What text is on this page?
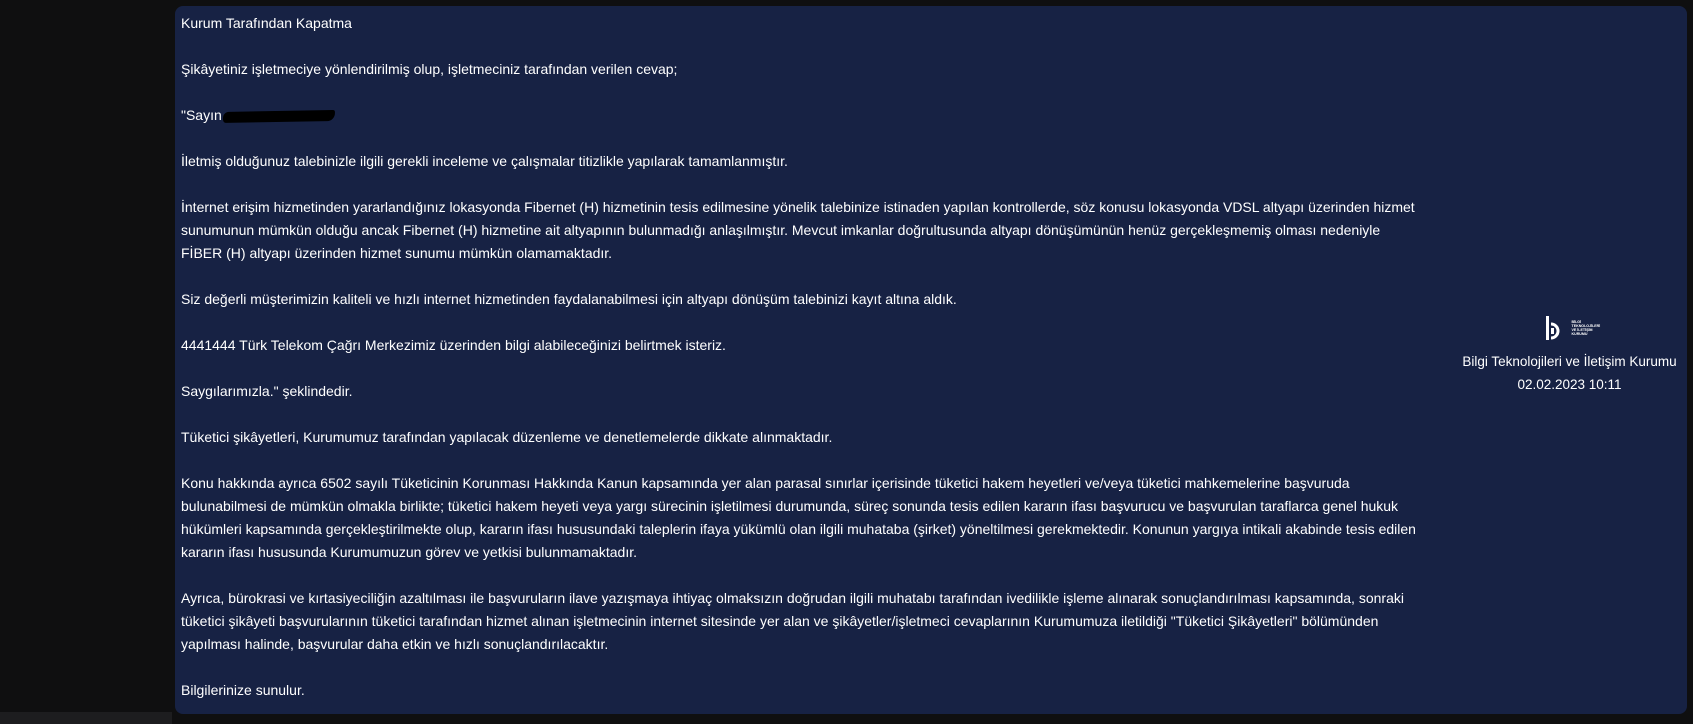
Kurum Tarafından Kapatma

Şikâyetiniz işletmeciye yönlendirilmiş olup, işletmeciniz tarafından verilen cevap;

"Sayın

İletmiş olduğunuz talebinizle ilgili gerekli inceleme ve çalışmalar titizlikle yapılarak tamamlanmıştır.

İnternet erişim hizmetinden yararlandığınız lokasyonda Fibernet (H) hizmetinin tesis edilmesine yönelik talebinize istinaden yapılan kontrollerde, söz konusu lokasyonda VDSL altyapı üzerinden hizmet sunumunun mümkün olduğu ancak Fibernet (H) hizmetine ait altyapının bulunmadığı anlaşılmıştır. Mevcut imkanlar doğrultusunda altyapı dönüşümünün henüz gerçekleşmemiş olması nedeniyle FİBER (H) altyapı üzerinden hizmet sunumu mümkün olamamaktadır.

Siz değerli müşterimizin kaliteli ve hızlı internet hizmetinden faydalanabilmesi için altyapı dönüşüm talebinizi kayıt altına aldık.

4441444 Türk Telekom Çağrı Merkezimiz üzerinden bilgi alabileceğinizi belirtmek isteriz.

Saygılarımızla." şeklindedir.

Tüketici şikâyetleri, Kurumumuz tarafından yapılacak düzenleme ve denetlemelerde dikkate alınmaktadır.

Konu hakkında ayrıca 6502 sayılı Tüketicinin Korunması Hakkında Kanun kapsamında yer alan parasal sınırlar içerisinde tüketici hakem heyetleri ve/veya tüketici mahkemelerine başvuruda bulunabilmesi de mümkün olmakla birlikte; tüketici hakem heyeti veya yargı sürecinin işletilmesi durumunda, süreç sonunda tesis edilen kararın ifası başvurucu ve başvurulan taraflarca genel hukuk hükümleri kapsamında gerçekleştirilmekte olup, kararın ifası hususundaki taleplerin ifaya yükümlü olan ilgili muhataba (şirket) yöneltilmesi gerekmektedir. Konunun yargıya intikali akabinde tesis edilen kararın ifası hususunda Kurumumuzun görev ve yetkisi bulunmamaktadır.

Ayrıca, bürokrasi ve kırtasiyeciliğin azaltılması ile başvuruların ilave yazışmaya ihtiyaç olmaksızın doğrudan ilgili muhatabı tarafından ivedilikle işleme alınarak sonuçlandırılması kapsamında, sonraki tüketici şikâyeti başvurularının tüketici tarafından hizmet alınan işletmecinin internet sitesinde yer alan ve şikâyetler/işletmeci cevaplarının Kurumumuza iletildiği "Tüketici Şikâyetleri" bölümünden yapılması halinde, başvurular daha etkin ve hızlı sonuçlandırılacaktır.

Bilgilerinize sunulur.

BİLGİ TEKNOLOJİLERİ VE İLETİŞİM KURUMU
Bilgi Teknolojileri ve İletişim Kurumu
02.02.2023 10:11
